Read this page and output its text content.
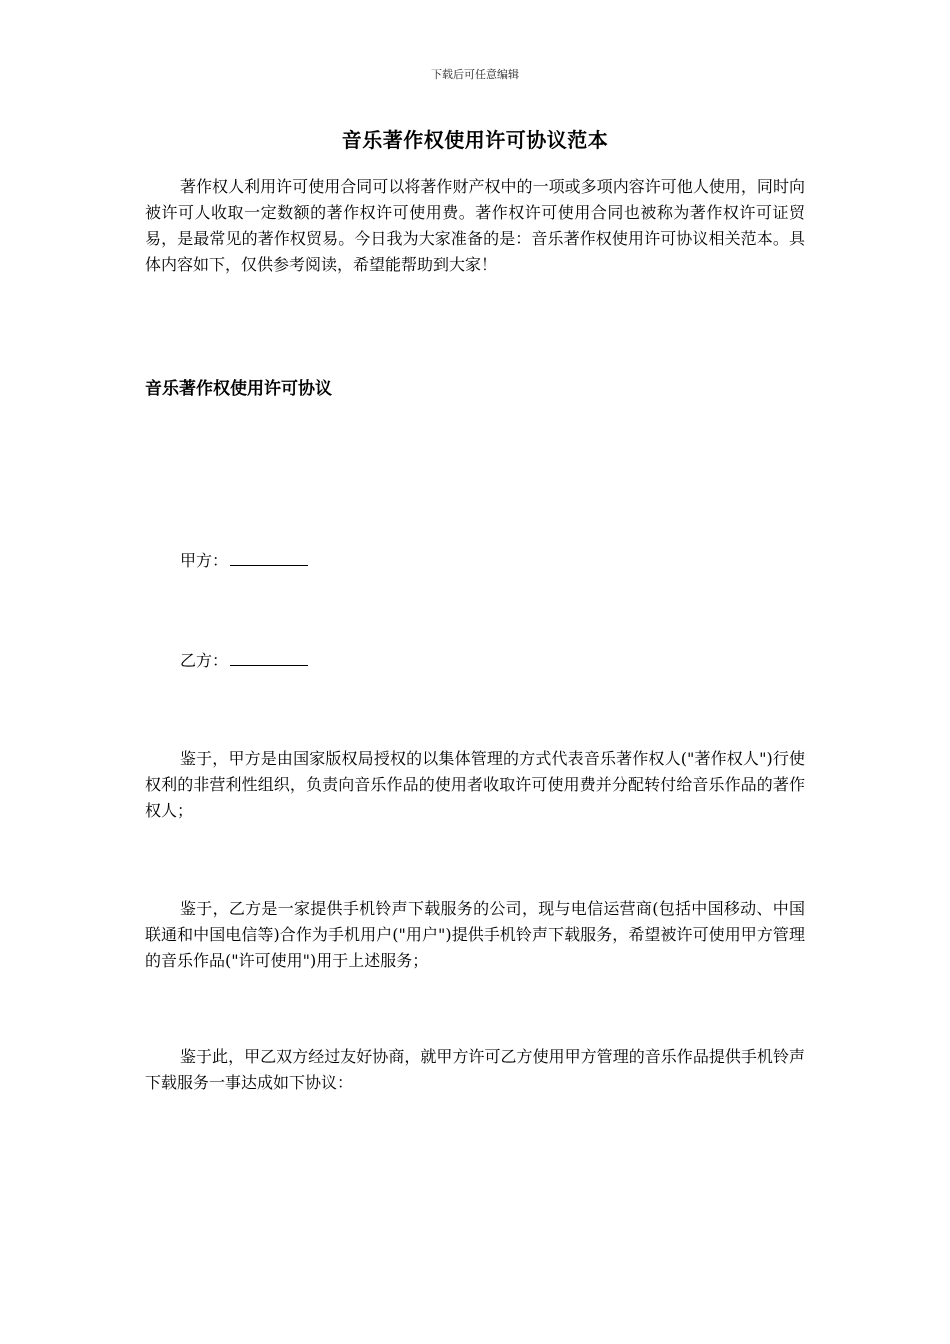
下载后可任意编辑
音乐著作权使用许可协议范本
著作权人利用许可使用合同可以将著作财产权中的一项或多项内容许可他人使用，同时向被许可人收取一定数额的著作权许可使用费。著作权许可使用合同也被称为著作权许可证贸易，是最常见的著作权贸易。今日我为大家准备的是：音乐著作权使用许可协议相关范本。具体内容如下，仅供参考阅读，希望能帮助到大家！
音乐著作权使用许可协议
甲方：
乙方：
鉴于，甲方是由国家版权局授权的以集体管理的方式代表音乐著作权人("著作权人")行使权利的非营利性组织，负责向音乐作品的使用者收取许可使用费并分配转付给音乐作品的著作权人；
鉴于，乙方是一家提供手机铃声下载服务的公司，现与电信运营商(包括中国移动、中国联通和中国电信等)合作为手机用户("用户")提供手机铃声下载服务，希望被许可使用甲方管理的音乐作品("许可使用")用于上述服务；
鉴于此，甲乙双方经过友好协商，就甲方许可乙方使用甲方管理的音乐作品提供手机铃声下载服务一事达成如下协议：
